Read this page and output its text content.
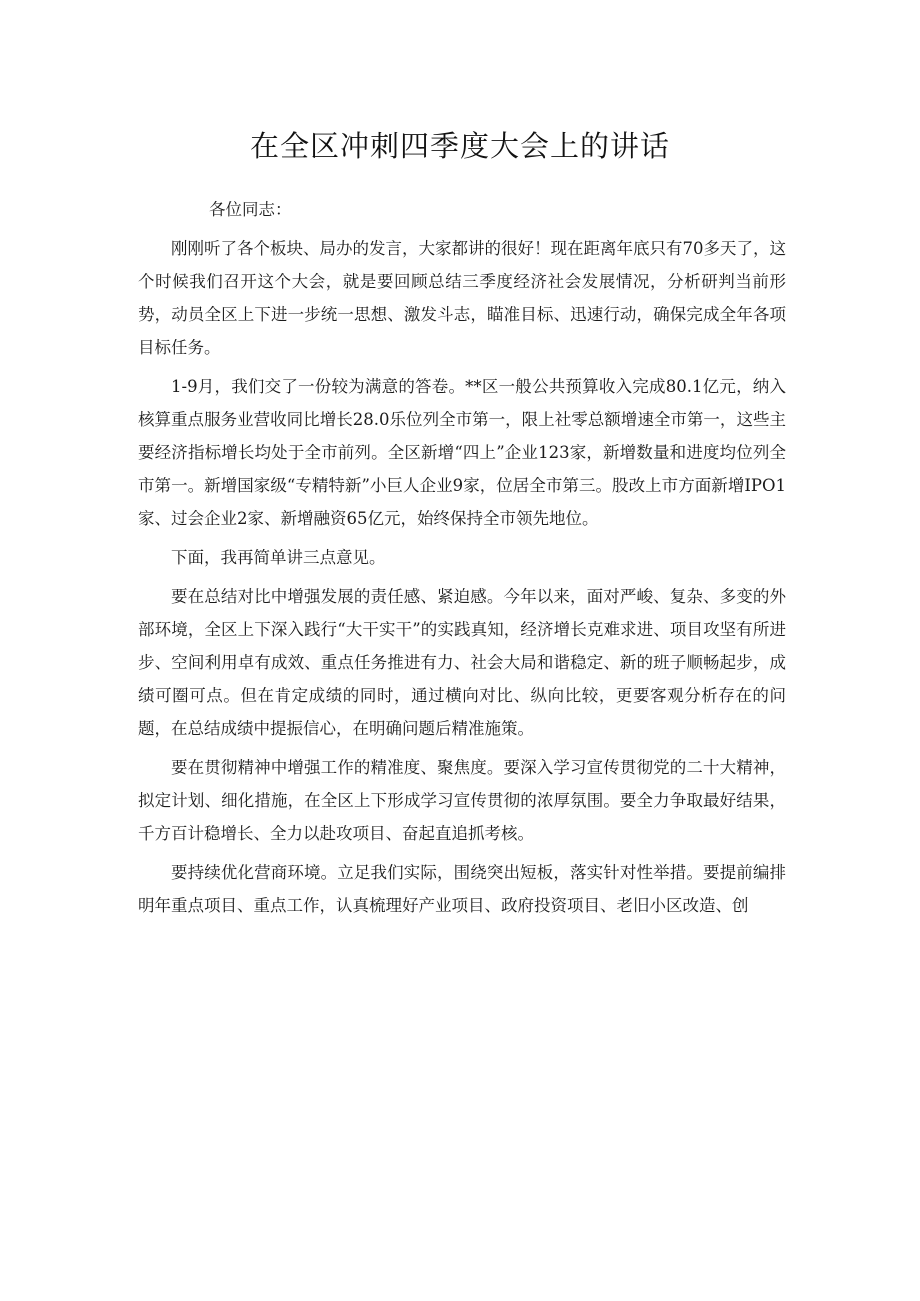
在全区冲刺四季度大会上的讲话

各位同志：

刚刚听了各个板块、局办的发言，大家都讲的很好！现在距离年底只有70多天了，这个时候我们召开这个大会，就是要回顾总结三季度经济社会发展情况，分析研判当前形势，动员全区上下进一步统一思想、激发斗志，瞄准目标、迅速行动，确保完成全年各项目标任务。

1-9月，我们交了一份较为满意的答卷。**区一般公共预算收入完成80.1亿元，纳入核算重点服务业营收同比增长28.0乐位列全市第一，限上社零总额增速全市第一，这些主要经济指标增长均处于全市前列。全区新增“四上”企业123家，新增数量和进度均位列全市第一。新增国家级“专精特新”小巨人企业9家，位居全市第三。股改上市方面新增IPO1家、过会企业2家、新增融资65亿元，始终保持全市领先地位。

下面，我再简单讲三点意见。

要在总结对比中增强发展的责任感、紧迫感。今年以来，面对严峻、复杂、多变的外部环境，全区上下深入践行“大干实干”的实践真知，经济增长克难求进、项目攻坚有所进步、空间利用卓有成效、重点任务推进有力、社会大局和谐稳定、新的班子顺畅起步，成绩可圈可点。但在肯定成绩的同时，通过横向对比、纵向比较，更要客观分析存在的问题，在总结成绩中提振信心，在明确问题后精准施策。

要在贯彻精神中增强工作的精准度、聚焦度。要深入学习宣传贯彻党的二十大精神，拟定计划、细化措施，在全区上下形成学习宣传贯彻的浓厚氛围。要全力争取最好结果，千方百计稳增长、全力以赴攻项目、奋起直追抓考核。

要持续优化营商环境。立足我们实际，围绕突出短板，落实针对性举措。要提前编排明年重点项目、重点工作，认真梳理好产业项目、政府投资项目、老旧小区改造、创
